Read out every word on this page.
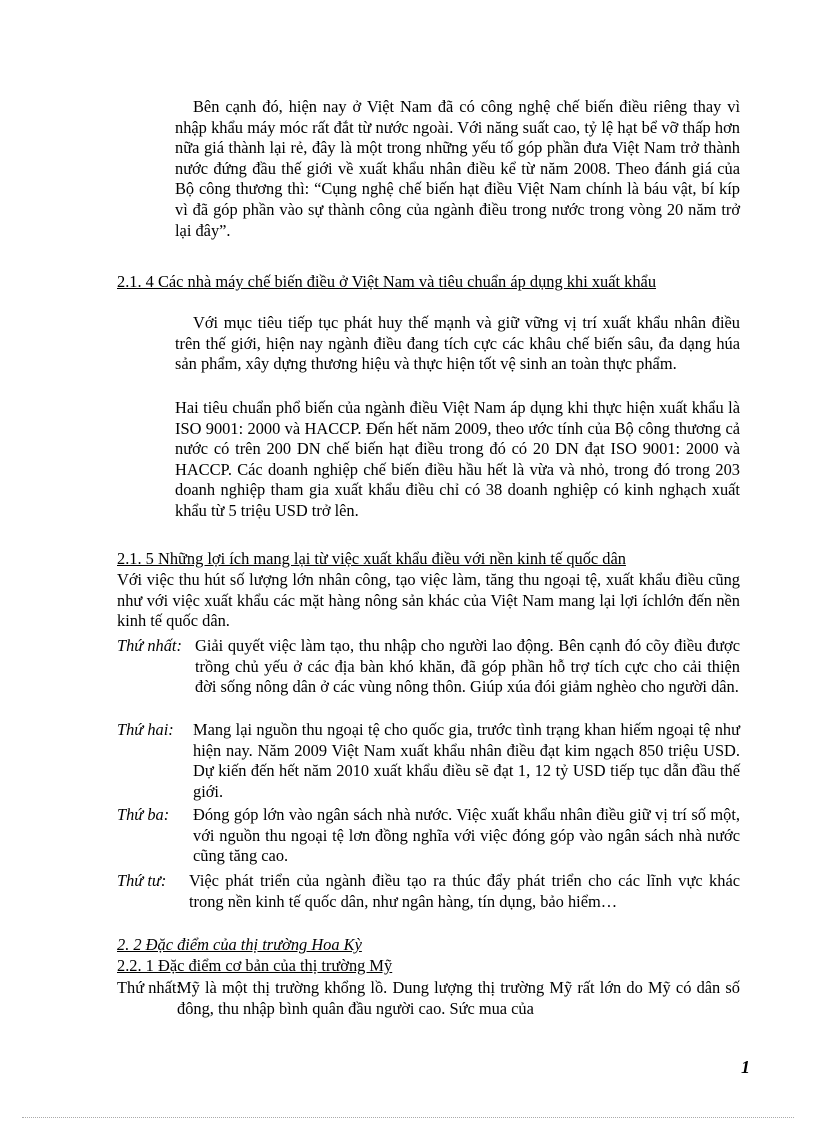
Bên cạnh đó, hiện nay ở Việt Nam đã có công nghệ chế biến điều riêng thay vì nhập khẩu máy móc rất đắt từ nước ngoài. Với năng suất cao, tỷ lệ hạt bể vỡ thấp hơn nữa giá thành lại rẻ, đây là một trong những yếu tố góp phần đưa Việt Nam trở thành nước đứng đầu thế giới về xuất khẩu nhân điều kể từ năm 2008. Theo đánh giá của Bộ công thương thì: “Cụng nghệ chế biến hạt điều Việt Nam chính là báu vật, bí kíp vì đã góp phần vào sự thành công của ngành điều trong nước trong vòng 20 năm trở lại đây”.

2.1. 4 Các nhà máy chế biến điều ở Việt Nam và tiêu chuẩn áp dụng khi xuất khẩu

Với mục tiêu tiếp tục phát huy thế mạnh và giữ vững vị trí xuất khẩu nhân điều trên thế giới, hiện nay ngành điều đang tích cực các khâu chế biến sâu, đa dạng húa sản phẩm, xây dựng thương hiệu và thực hiện tốt vệ sinh an toàn thực phẩm.

Hai tiêu chuẩn phổ biến của ngành điều Việt Nam áp dụng khi thực hiện xuất khẩu là ISO 9001: 2000 và HACCP. Đến hết năm 2009, theo ước tính của Bộ công thương cả nước có trên 200 DN chế biến hạt điều trong đó có 20 DN đạt ISO 9001: 2000 và HACCP. Các doanh nghiệp chế biến điều hầu hết là vừa và nhỏ, trong đó trong 203 doanh nghiệp tham gia xuất khẩu điều chỉ có 38 doanh nghiệp có kinh nghạch xuất khẩu từ 5 triệu USD trở lên.

2.1. 5 Những lợi ích mang lại từ việc xuất khẩu điều với nền kinh tế quốc dân

Với việc thu hút số lượng lớn nhân công, tạo việc làm, tăng thu ngoại tệ, xuất khẩu điều cũng như với việc xuất khẩu các mặt hàng nông sản khác của Việt Nam mang lại lợi íchlớn đến nền kinh tế quốc dân.

Thứ nhất: Giải quyết việc làm tạo, thu nhập cho người lao động. Bên cạnh đó cõy điều được trồng chủ yếu ở các địa bàn khó khăn, đã góp phần hỗ trợ tích cực cho cải thiện đời sống nông dân ở các vùng nông thôn. Giúp xúa đói giảm nghèo cho người dân.

Thứ hai: Mang lại nguồn thu ngoại tệ cho quốc gia, trước tình trạng khan hiếm ngoại tệ như hiện nay. Năm 2009 Việt Nam xuất khẩu nhân điều đạt kim ngạch 850 triệu USD. Dự kiến đến hết năm 2010 xuất khẩu điều sẽ đạt 1, 12 tỷ USD tiếp tục dẫn đầu thế giới.

Thứ ba: Đóng góp lớn vào ngân sách nhà nước. Việc xuất khẩu nhân điều giữ vị trí số một, với nguồn thu ngoại tệ lơn đồng nghĩa với việc đóng góp vào ngân sách nhà nước cũng tăng cao.

Thứ tư: Việc phát triển của ngành điều tạo ra thúc đẩy phát triển cho các lĩnh vực khác trong nền kinh tế quốc dân, như ngân hàng, tín dụng, bảo hiểm…

2. 2 Đặc điểm của thị trường Hoa Kỳ

2.2. 1 Đặc điểm cơ bản của thị trường Mỹ

Thứ nhất:

Mỹ là một thị trường khổng lồ. Dung lượng thị trường Mỹ rất lớn do Mỹ có dân số đông, thu nhập bình quân đầu người cao. Sức mua của

1
